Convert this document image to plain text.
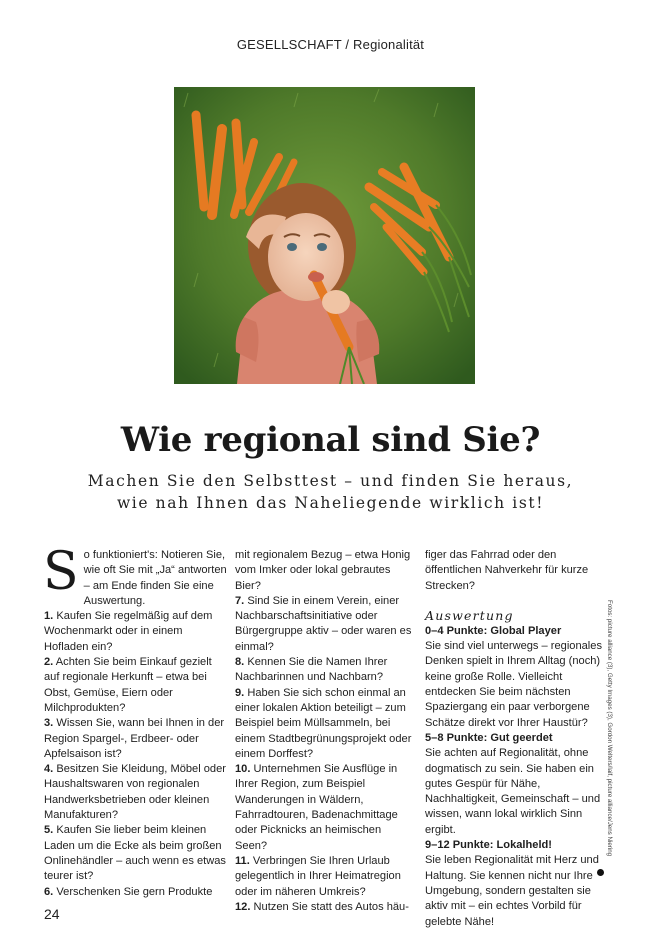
GESELLSCHAFT / Regionalität
Wie regional sind Sie?
Machen Sie den Selbsttest – und finden Sie heraus,
wie nah Ihnen das Naheliegende wirklich ist!

So funktioniert's: Notieren Sie, wie oft Sie mit „Ja“ antworten – am Ende finden Sie eine Auswertung.

1. Kaufen Sie regelmäßig auf dem Wochenmarkt oder in einem Hofladen ein?

2. Achten Sie beim Einkauf gezielt auf regionale Herkunft – etwa bei Obst, Gemüse, Eiern oder Milchprodukten?

3. Wissen Sie, wann bei Ihnen in der Region Spargel-, Erdbeer- oder Apfelsaison ist?

4. Besitzen Sie Kleidung, Möbel oder Haushaltswaren von regionalen Handwerksbetrieben oder kleinen Manufakturen?

5. Kaufen Sie lieber beim kleinen Laden um die Ecke als beim großen Onlinehändler – auch wenn es etwas teurer ist?

6. Verschenken Sie gern Produkte

mit regionalem Bezug – etwa Honig vom Imker oder lokal gebrautes Bier?

7. Sind Sie in einem Verein, einer Nachbarschaftsinitiative oder Bürgergruppe aktiv – oder waren es einmal?

8. Kennen Sie die Namen Ihrer Nachbarinnen und Nachbarn?

9. Haben Sie sich schon einmal an einer lokalen Aktion beteiligt – zum Beispiel beim Müllsammeln, bei einem Stadtbegrünungsprojekt oder einem Dorffest?

10. Unternehmen Sie Ausflüge in Ihrer Region, zum Beispiel Wanderungen in Wäldern, Fahrradtouren, Badenachmittage oder Picknicks an heimischen Seen?

11. Verbringen Sie Ihren Urlaub gelegentlich in Ihrer Heimatregion oder im näheren Umkreis?

12. Nutzen Sie statt des Autos häu-

figer das Fahrrad oder den öffentlichen Nahverkehr für kurze Strecken?

Auswertung

0–4 Punkte: Global Player

Sie sind viel unterwegs – regionales Denken spielt in Ihrem Alltag (noch) keine große Rolle. Vielleicht entdecken Sie beim nächsten Spaziergang ein paar verborgene Schätze direkt vor Ihrer Haustür?

5–8 Punkte: Gut geerdet

Sie achten auf Regionalität, ohne dogmatisch zu sein. Sie haben ein gutes Gespür für Nähe, Nachhaltigkeit, Gemeinschaft – und wissen, wann lokal wirklich Sinn ergibt.

9–12 Punkte: Lokalheld!

Sie leben Regionalität mit Herz und Haltung. Sie kennen nicht nur Ihre Umgebung, sondern gestalten sie aktiv mit – ein echtes Vorbild für gelebte Nähe!

Fotos: picture alliance (3), Getty Images (3), Gordon Welters/laif, picture alliance/Jens Niering
24
